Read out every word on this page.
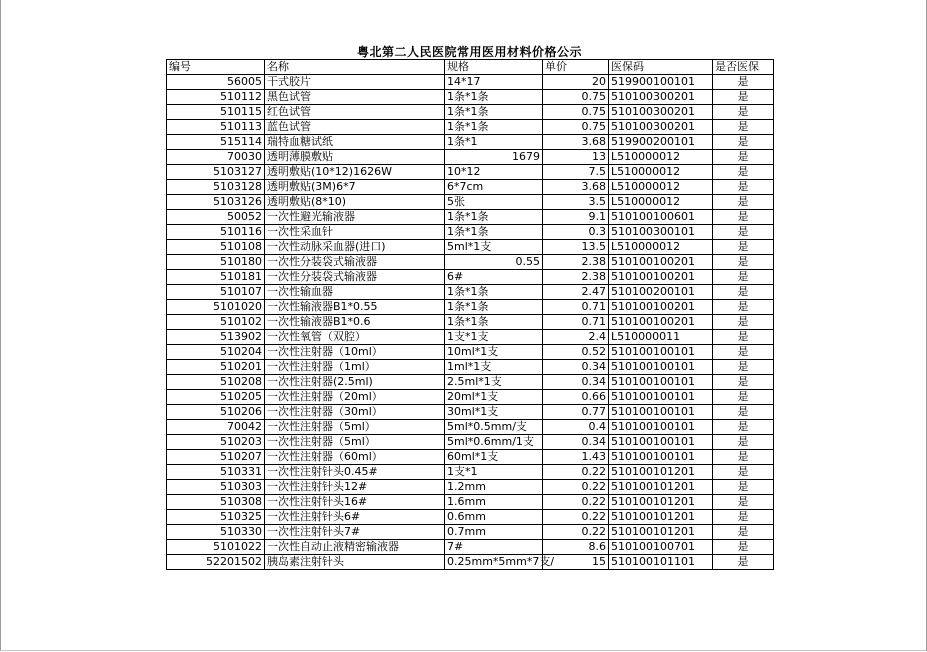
粤北第二人民医院常用医用材料价格公示
编号	名称	规格	单价	医保码	是否医保
56005	干式胶片	14*17	20	519900100101	是
510112	黑色试管	1条*1条	0.75	510100300201	是
510115	红色试管	1条*1条	0.75	510100300201	是
510113	蓝色试管	1条*1条	0.75	510100300201	是
515114	瑞特血糖试纸	1条*1	3.68	519900200101	是
70030	透明薄膜敷贴	1679	13	L510000012	是
5103127	透明敷贴(10*12)1626W	10*12	7.5	L510000012	是
5103128	透明敷贴(3M)6*7	6*7cm	3.68	L510000012	是
5103126	透明敷贴(8*10)	5张	3.5	L510000012	是
50052	一次性避光输液器	1条*1条	9.1	510100100601	是
510116	一次性采血针	1条*1条	0.3	510100300101	是
510108	一次性动脉采血器(进口)	5ml*1支	13.5	L510000012	是
510180	一次性分装袋式输液器	0.55	2.38	510100100201	是
510181	一次性分装袋式输液器	6#	2.38	510100100201	是
510107	一次性输血器	1条*1条	2.47	510100200101	是
5101020	一次性输液器B1*0.55	1条*1条	0.71	510100100201	是
510102	一次性输液器B1*0.6	1条*1条	0.71	510100100201	是
513902	一次性氧管（双腔）	1支*1支	2.4	L510000011	是
510204	一次性注射器（10ml）	10ml*1支	0.52	510100100101	是
510201	一次性注射器（1ml）	1ml*1支	0.34	510100100101	是
510208	一次性注射器(2.5ml)	2.5ml*1支	0.34	510100100101	是
510205	一次性注射器（20ml）	20ml*1支	0.66	510100100101	是
510206	一次性注射器（30ml）	30ml*1支	0.77	510100100101	是
70042	一次性注射器（5ml）	5ml*0.5mm/支	0.4	510100100101	是
510203	一次性注射器（5ml）	5ml*0.6mm/1支	0.34	510100100101	是
510207	一次性注射器（60ml）	60ml*1支	1.43	510100100101	是
510331	一次性注射针头0.45#	1支*1	0.22	510100101201	是
510303	一次性注射针头12#	1.2mm	0.22	510100101201	是
510308	一次性注射针头16#	1.6mm	0.22	510100101201	是
510325	一次性注射针头6#	0.6mm	0.22	510100101201	是
510330	一次性注射针头7#	0.7mm	0.22	510100101201	是
5101022	一次性自动止液精密输液器	7#	8.6	510100100701	是
52201502	胰岛素注射针头	0.25mm*5mm*7支/	15	510100101101	是
